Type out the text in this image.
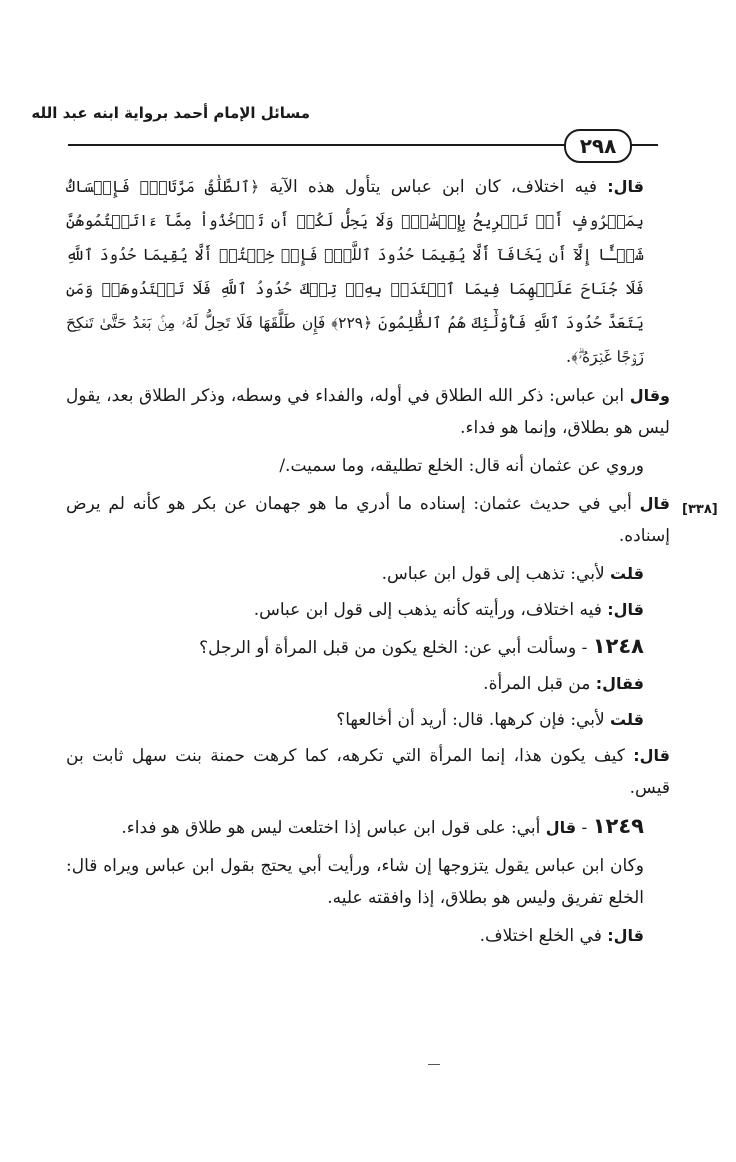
مسائل الإمام أحمد برواية ابنه عبد الله
٢٩٨
[٣٣٨]

قال: فيه اختلاف، كان ابن عباس يتأول هذه الآية ﴿ٱلطَّلَٰقُ مَرَّتَانِۖ فَإِمۡسَاكُۢ بِمَعۡرُوفٍ أَوۡ تَسۡرِيحُۢ بِإِحۡسَٰنٖۗ وَلَا يَحِلُّ لَكُمۡ أَن تَأۡخُذُواْ مِمَّآ ءَاتَيۡتُمُوهُنَّ شَيۡـًٔا إِلَّآ أَن يَخَافَآ أَلَّا يُقِيمَا حُدُودَ ٱللَّهِۖ فَإِنۡ خِفۡتُمۡ أَلَّا يُقِيمَا حُدُودَ ٱللَّهِ فَلَا جُنَاحَ عَلَيۡهِمَا فِيمَا ٱفۡتَدَتۡ بِهِۦۗ تِلۡكَ حُدُودُ ٱللَّهِ فَلَا تَعۡتَدُوهَاۚ وَمَن يَتَعَدَّ حُدُودَ ٱللَّهِ فَأُوْلَٰٓئِكَ هُمُ ٱلظَّٰلِمُونَ ﴿٢٢٩﴾ فَإِن طَلَّقَهَا فَلَا تَحِلُّ لَهُۥ مِنۢ بَعۡدُ حَتَّىٰ تَنكِحَ زَوۡجًا غَيۡرَهُۥۗ﴾.

وقال ابن عباس: ذكر الله الطلاق في أوله، والفداء في وسطه، وذكر الطلاق بعد، يقول ليس هو بطلاق، وإنما هو فداء.

وروي عن عثمان أنه قال: الخلع تطليقه، وما سميت./

قال أبي في حديث عثمان: إسناده ما أدري ما هو جهمان عن بكر هو كأنه لم يرض إسناده.

قلت لأبي: تذهب إلى قول ابن عباس.

قال: فيه اختلاف، ورأيته كأنه يذهب إلى قول ابن عباس.

١٢٤٨ - وسألت أبي عن: الخلع يكون من قبل المرأة أو الرجل؟

فقال: من قبل المرأة.

قلت لأبي: فإن كرهها. قال: أريد أن أخالعها؟

قال: كيف يكون هذا، إنما المرأة التي تكرهه، كما كرهت حمنة بنت سهل ثابت بن قيس.

١٢٤٩ - قال أبي: على قول ابن عباس إذا اختلعت ليس هو طلاق هو فداء.

وكان ابن عباس يقول يتزوجها إن شاء، ورأيت أبي يحتج بقول ابن عباس ويراه قال: الخلع تفريق وليس هو بطلاق، إذا وافقته عليه.

قال: في الخلع اختلاف.
